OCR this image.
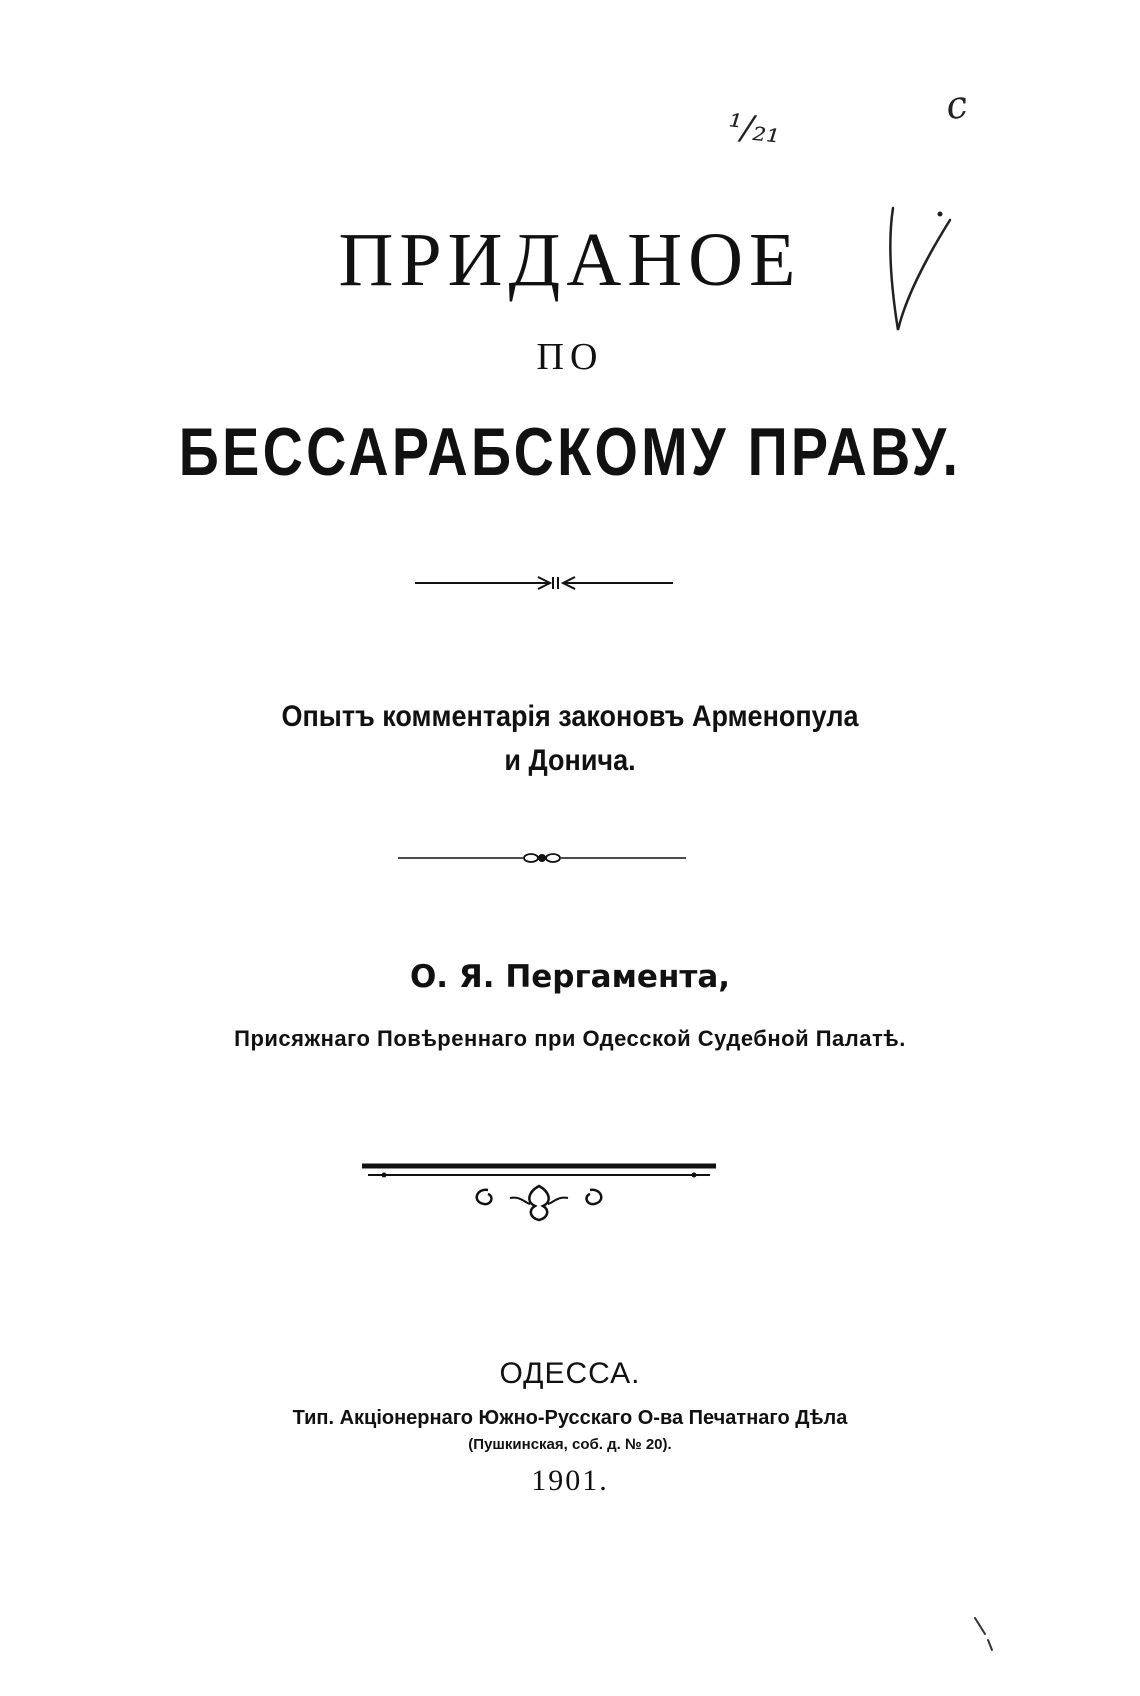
¹/₂₁
c
ПРИДАНОЕ
ПО
БЕССАРАБСКОМУ ПРАВУ.
Опытъ комментарія законовъ Арменопула
и Донича.
О. Я. Пергамента,
Присяжнаго Повѣреннаго при Одесской Судебной Палатѣ.
ОДЕССА.
Тип. Акціонернаго Южно-Русскаго О-ва Печатнаго Дѣла
(Пушкинская, соб. д. № 20).
1901.
